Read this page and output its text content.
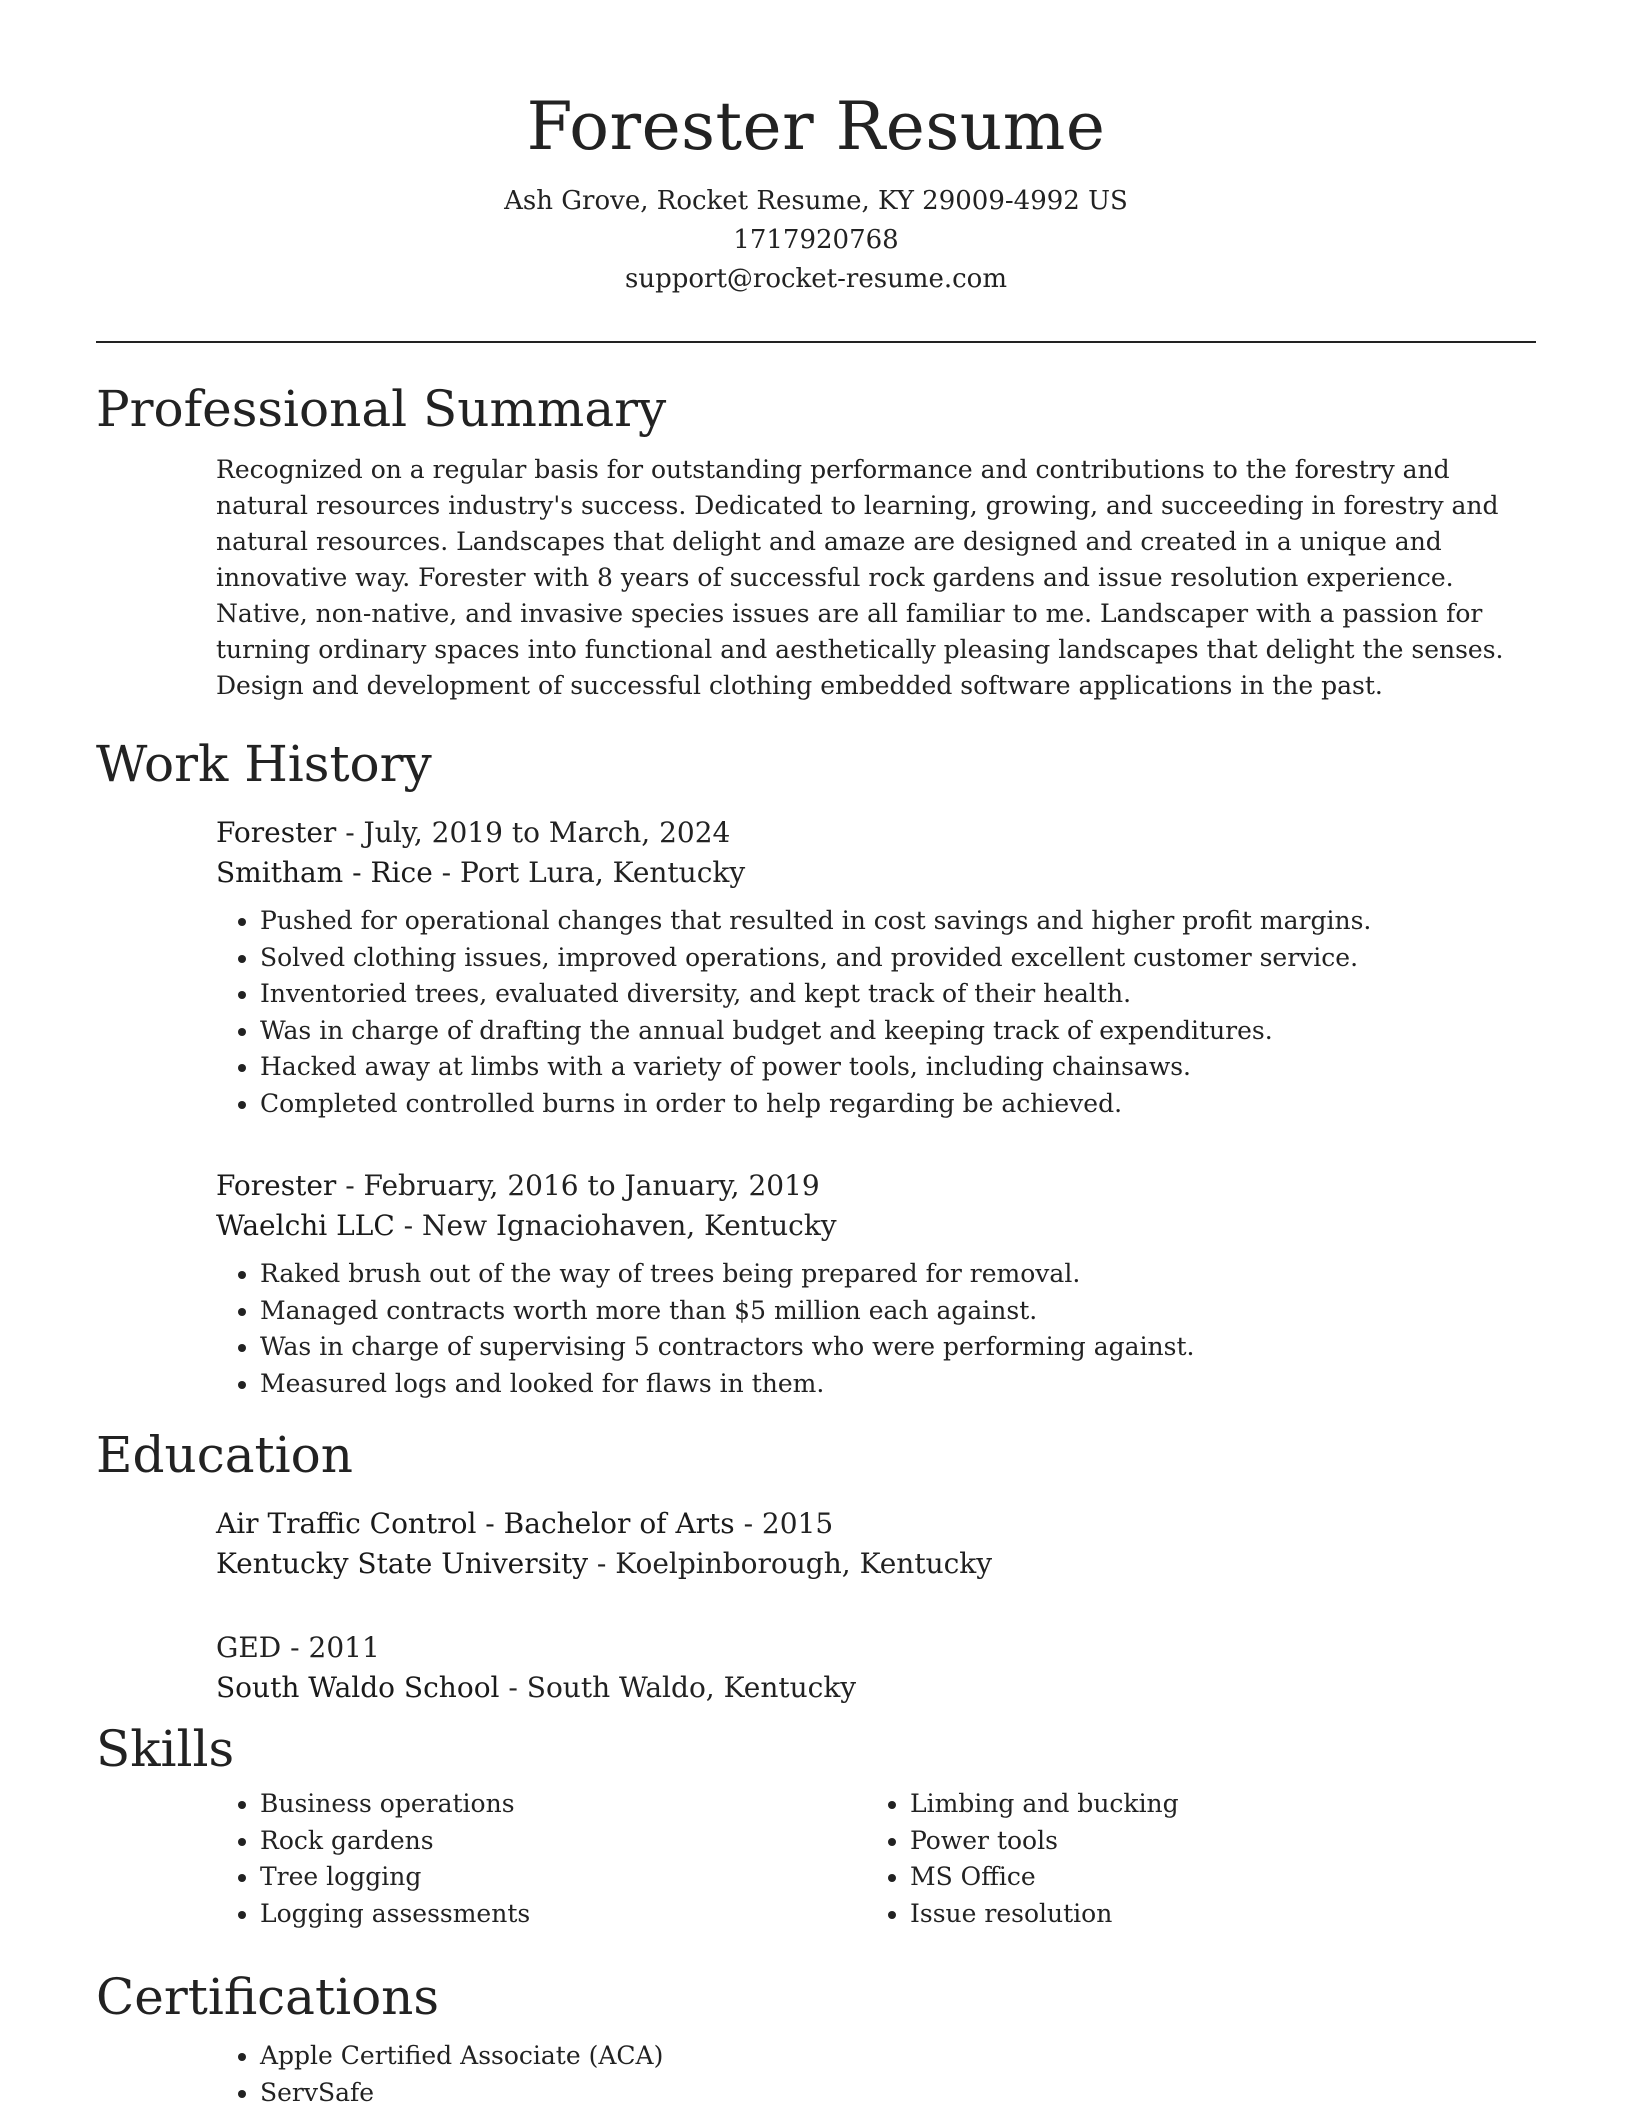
Forester Resume
Ash Grove, Rocket Resume, KY 29009-4992 US
1717920768
support@rocket-resume.com
Professional Summary
Recognized on a regular basis for outstanding performance and contributions to the forestry and natural resources industry's success. Dedicated to learning, growing, and succeeding in forestry and natural resources. Landscapes that delight and amaze are designed and created in a unique and innovative way. Forester with 8 years of successful rock gardens and issue resolution experience. Native, non-native, and invasive species issues are all familiar to me. Landscaper with a passion for turning ordinary spaces into functional and aesthetically pleasing landscapes that delight the senses. Design and development of successful clothing embedded software applications in the past.
Work History
Forester - July, 2019 to March, 2024
Smitham - Rice - Port Lura, Kentucky
• Pushed for operational changes that resulted in cost savings and higher profit margins.
• Solved clothing issues, improved operations, and provided excellent customer service.
• Inventoried trees, evaluated diversity, and kept track of their health.
• Was in charge of drafting the annual budget and keeping track of expenditures.
• Hacked away at limbs with a variety of power tools, including chainsaws.
• Completed controlled burns in order to help regarding be achieved.
Forester - February, 2016 to January, 2019
Waelchi LLC - New Ignaciohaven, Kentucky
• Raked brush out of the way of trees being prepared for removal.
• Managed contracts worth more than $5 million each against.
• Was in charge of supervising 5 contractors who were performing against.
• Measured logs and looked for flaws in them.
Education
Air Traffic Control - Bachelor of Arts - 2015
Kentucky State University - Koelpinborough, Kentucky
GED - 2011
South Waldo School - South Waldo, Kentucky
Skills
• Business operations
• Rock gardens
• Tree logging
• Logging assessments
• Limbing and bucking
• Power tools
• MS Office
• Issue resolution
Certifications
• Apple Certified Associate (ACA)
• ServSafe
